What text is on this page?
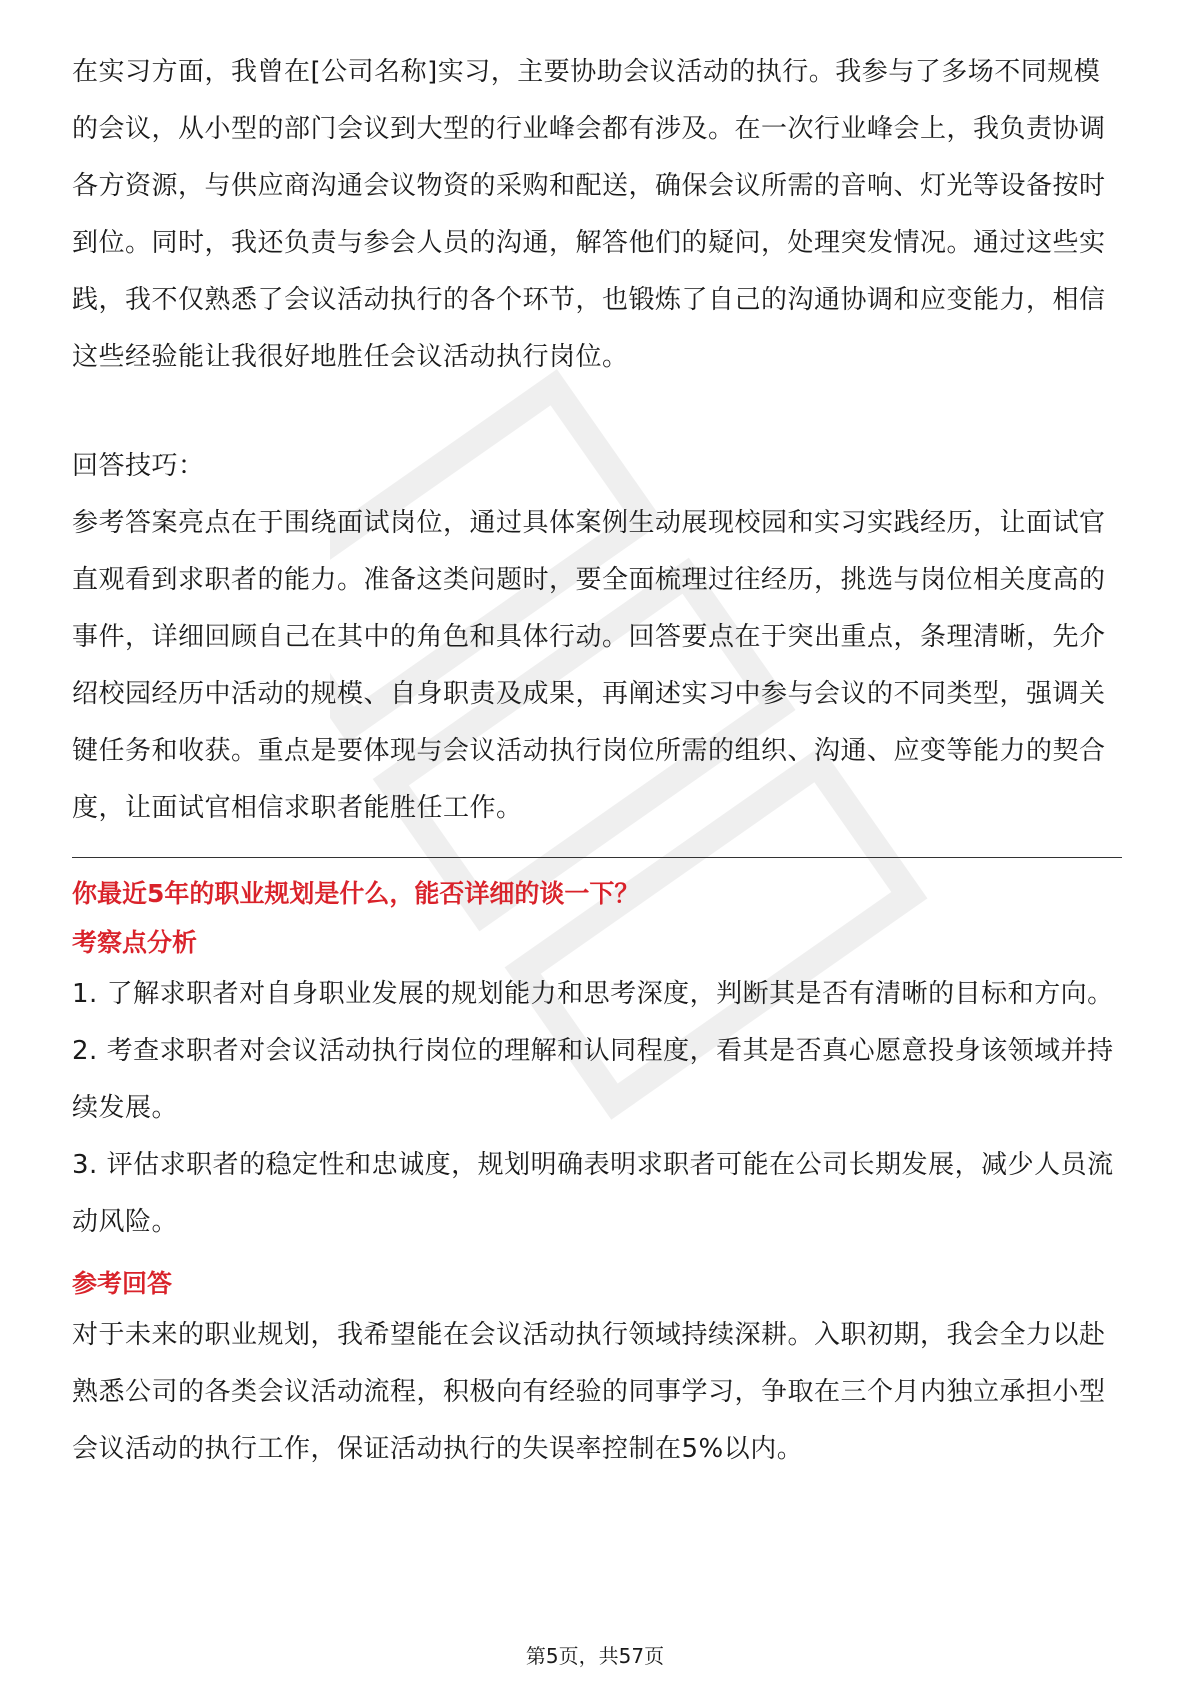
在实习方面，我曾在[公司名称]实习，主要协助会议活动的执行。我参与了多场不同规模的会议，从小型的部门会议到大型的行业峰会都有涉及。在一次行业峰会上，我负责协调各方资源，与供应商沟通会议物资的采购和配送，确保会议所需的音响、灯光等设备按时到位。同时，我还负责与参会人员的沟通，解答他们的疑问，处理突发情况。通过这些实践，我不仅熟悉了会议活动执行的各个环节，也锻炼了自己的沟通协调和应变能力，相信这些经验能让我很好地胜任会议活动执行岗位。

回答技巧：

参考答案亮点在于围绕面试岗位，通过具体案例生动展现校园和实习实践经历，让面试官直观看到求职者的能力。准备这类问题时，要全面梳理过往经历，挑选与岗位相关度高的事件，详细回顾自己在其中的角色和具体行动。回答要点在于突出重点，条理清晰，先介绍校园经历中活动的规模、自身职责及成果，再阐述实习中参与会议的不同类型，强调关键任务和收获。重点是要体现与会议活动执行岗位所需的组织、沟通、应变等能力的契合度，让面试官相信求职者能胜任工作。

你最近5年的职业规划是什么，能否详细的谈一下？

考察点分析

1. 了解求职者对自身职业发展的规划能力和思考深度，判断其是否有清晰的目标和方向。

2. 考查求职者对会议活动执行岗位的理解和认同程度，看其是否真心愿意投身该领域并持续发展。

3. 评估求职者的稳定性和忠诚度，规划明确表明求职者可能在公司长期发展，减少人员流动风险。

参考回答

对于未来的职业规划，我希望能在会议活动执行领域持续深耕。入职初期，我会全力以赴熟悉公司的各类会议活动流程，积极向有经验的同事学习，争取在三个月内独立承担小型会议活动的执行工作，保证活动执行的失误率控制在5%以内。

第5页，共57页
